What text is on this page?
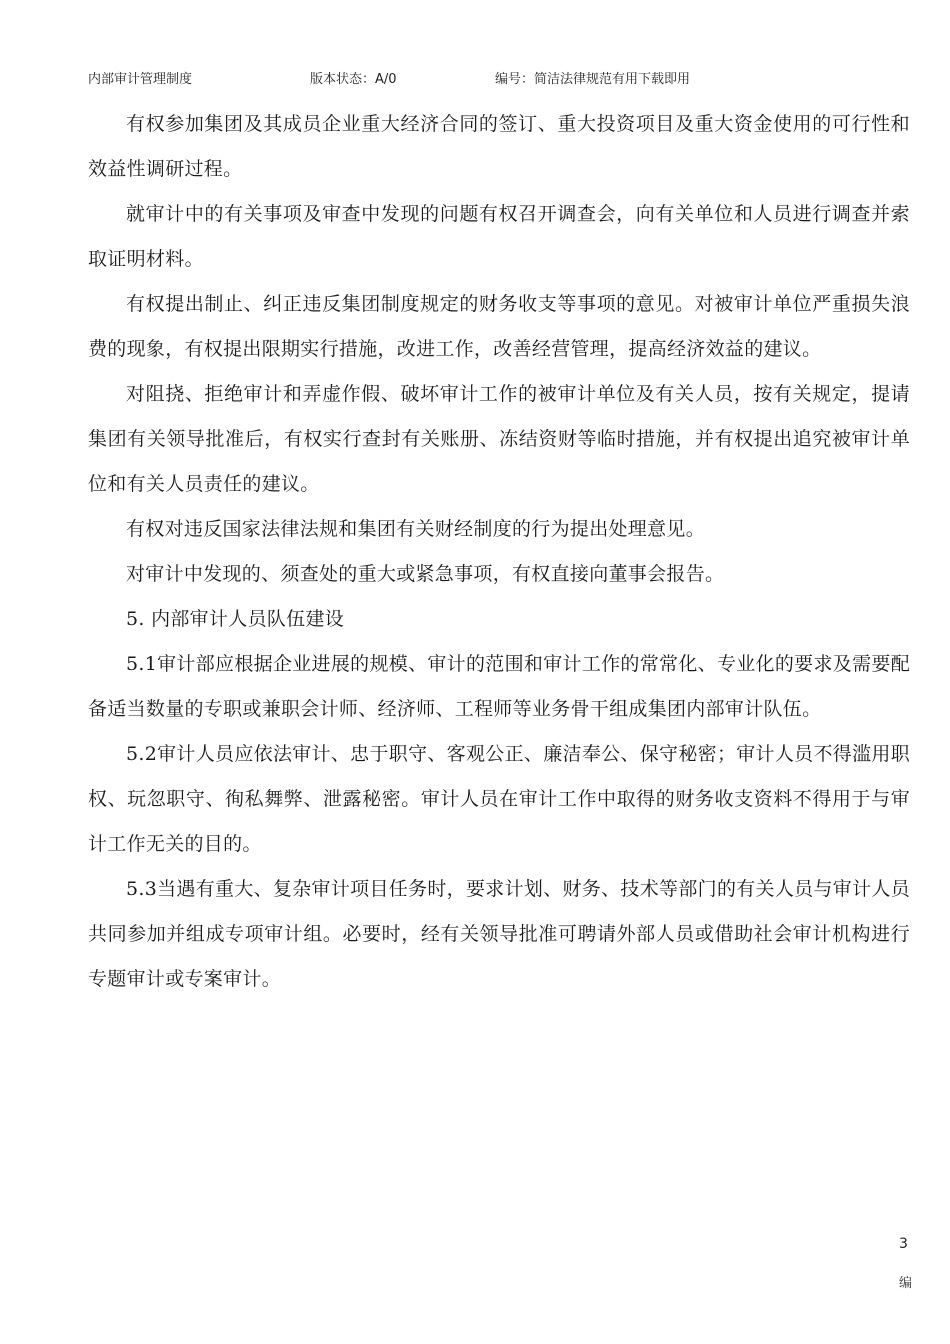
内部审计管理制度	版本状态：A/0	编号：简洁法律规范有用下载即用

有权参加集团及其成员企业重大经济合同的签订、重大投资项目及重大资金使用的可行性和效益性调研过程。

就审计中的有关事项及审查中发现的问题有权召开调查会，向有关单位和人员进行调查并索取证明材料。

有权提出制止、纠正违反集团制度规定的财务收支等事项的意见。对被审计单位严重损失浪费的现象，有权提出限期实行措施，改进工作，改善经营管理，提高经济效益的建议。

对阻挠、拒绝审计和弄虚作假、破坏审计工作的被审计单位及有关人员，按有关规定，提请集团有关领导批准后，有权实行查封有关账册、冻结资财等临时措施，并有权提出追究被审计单位和有关人员责任的建议。

有权对违反国家法律法规和集团有关财经制度的行为提出处理意见。

对审计中发现的、须查处的重大或紧急事项，有权直接向董事会报告。

5. 内部审计人员队伍建设

5.1审计部应根据企业进展的规模、审计的范围和审计工作的常常化、专业化的要求及需要配备适当数量的专职或兼职会计师、经济师、工程师等业务骨干组成集团内部审计队伍。

5.2审计人员应依法审计、忠于职守、客观公正、廉洁奉公、保守秘密；审计人员不得滥用职权、玩忽职守、徇私舞弊、泄露秘密。审计人员在审计工作中取得的财务收支资料不得用于与审计工作无关的目的。

5.3当遇有重大、复杂审计项目任务时，要求计划、财务、技术等部门的有关人员与审计人员共同参加并组成专项审计组。必要时，经有关领导批准可聘请外部人员或借助社会审计机构进行专题审计或专案审计。

3
编
